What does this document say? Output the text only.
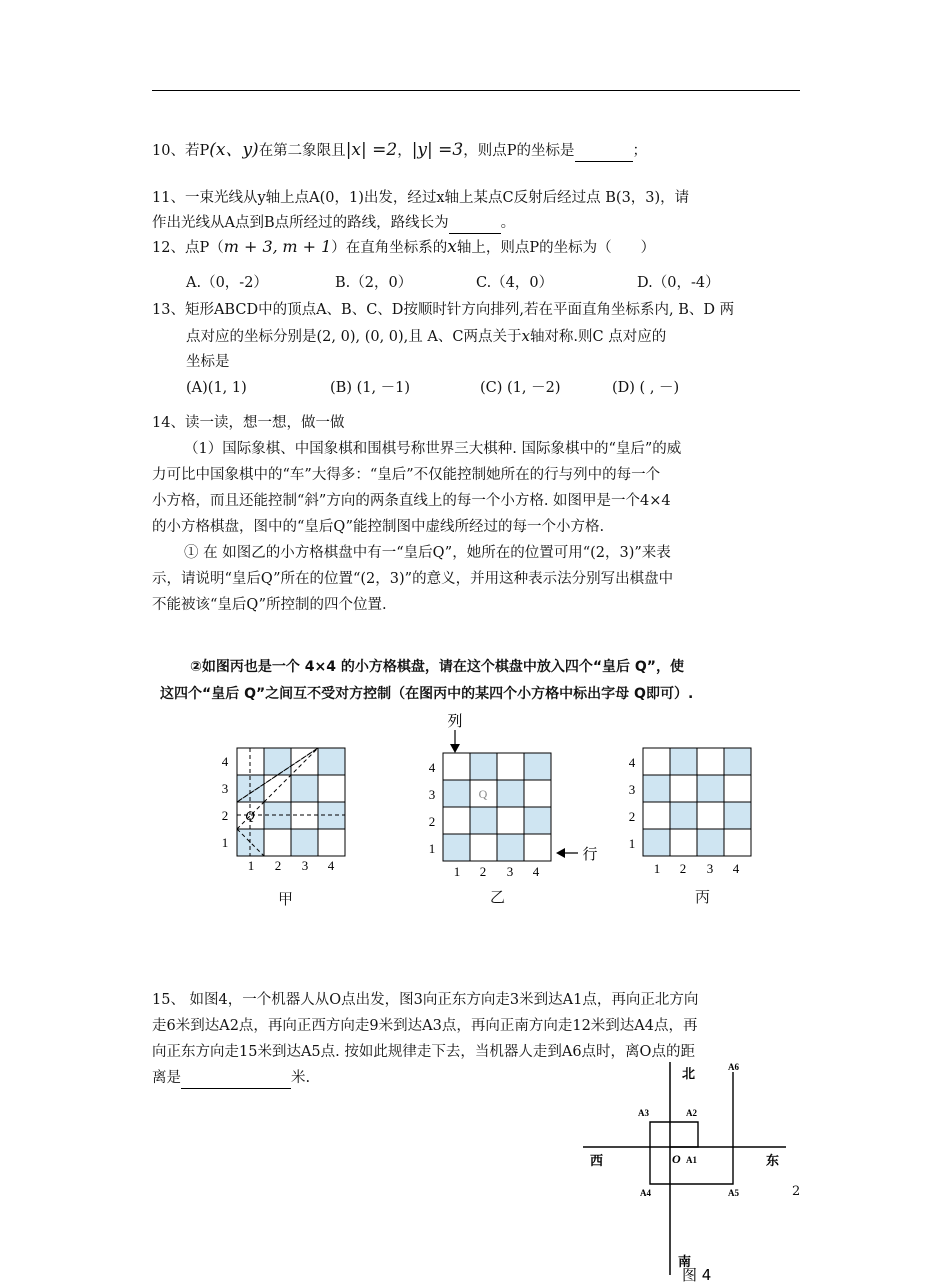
10、若P(x、y)在第二象限且|x| =2，|y| =3，则点P的坐标是	；
11、一束光线从y轴上点A(0，1)出发，经过x轴上某点C反射后经过点 B(3，3)，请
作出光线从A点到B点所经过的路线，路线长为	。
12、点P（m + 3, m + 1）在直角坐标系的x轴上，则点P的坐标为（　　）
A.（0，-2）	B.（2，0）	C.（4，0）	D.（0，-4）
13、矩形ABCD中的顶点A、B、C、D按顺时针方向排列,若在平面直角坐标系内, B、D 两
点对应的坐标分别是(2, 0), (0, 0),且 A、C两点关于x轴对称.则C 点对应的
坐标是
(A)(1, 1)	(B) (1, －1)	(C) (1, －2)	(D) ( , －)
14、读一读，想一想，做一做
（1）国际象棋、中国象棋和围棋号称世界三大棋种. 国际象棋中的“皇后”的威
力可比中国象棋中的“车”大得多：“皇后”不仅能控制她所在的行与列中的每一个
小方格，而且还能控制“斜”方向的两条直线上的每一个小方格. 如图甲是一个4×4
的小方格棋盘，图中的“皇后Q”能控制图中虚线所经过的每一个小方格.
① 在 如图乙的小方格棋盘中有一“皇后Q”，她所在的位置可用“(2，3)”来表
示，请说明“皇后Q”所在的位置“(2，3)”的意义，并用这种表示法分别写出棋盘中
不能被该“皇后Q”所控制的四个位置.
②如图丙也是一个 4×4 的小方格棋盘，请在这个棋盘中放入四个“皇后 Q”，使
这四个“皇后 Q”之间互不受对方控制（在图丙中的某四个小方格中标出字母 Q即可）.
Q
4
3
2
1
1 2 3 4
甲
列
Q
4
3
2
1
1 2 3 4
行
乙
4
3
2
1
1 2 3 4
丙
15、 如图4，一个机器人从O点出发，图3向正东方向走3米到达A1点，再向正北方向
走6米到达A2点，再向正西方向走9米到达A3点，再向正南方向走12米到达A4点，再
向正东方向走15米到达A5点. 按如此规律走下去，当机器人走到A6点时，离O点的距
离是	米.	北
南
西	东
O A1
A2
A3
A4	A5
A6
图 4
2
